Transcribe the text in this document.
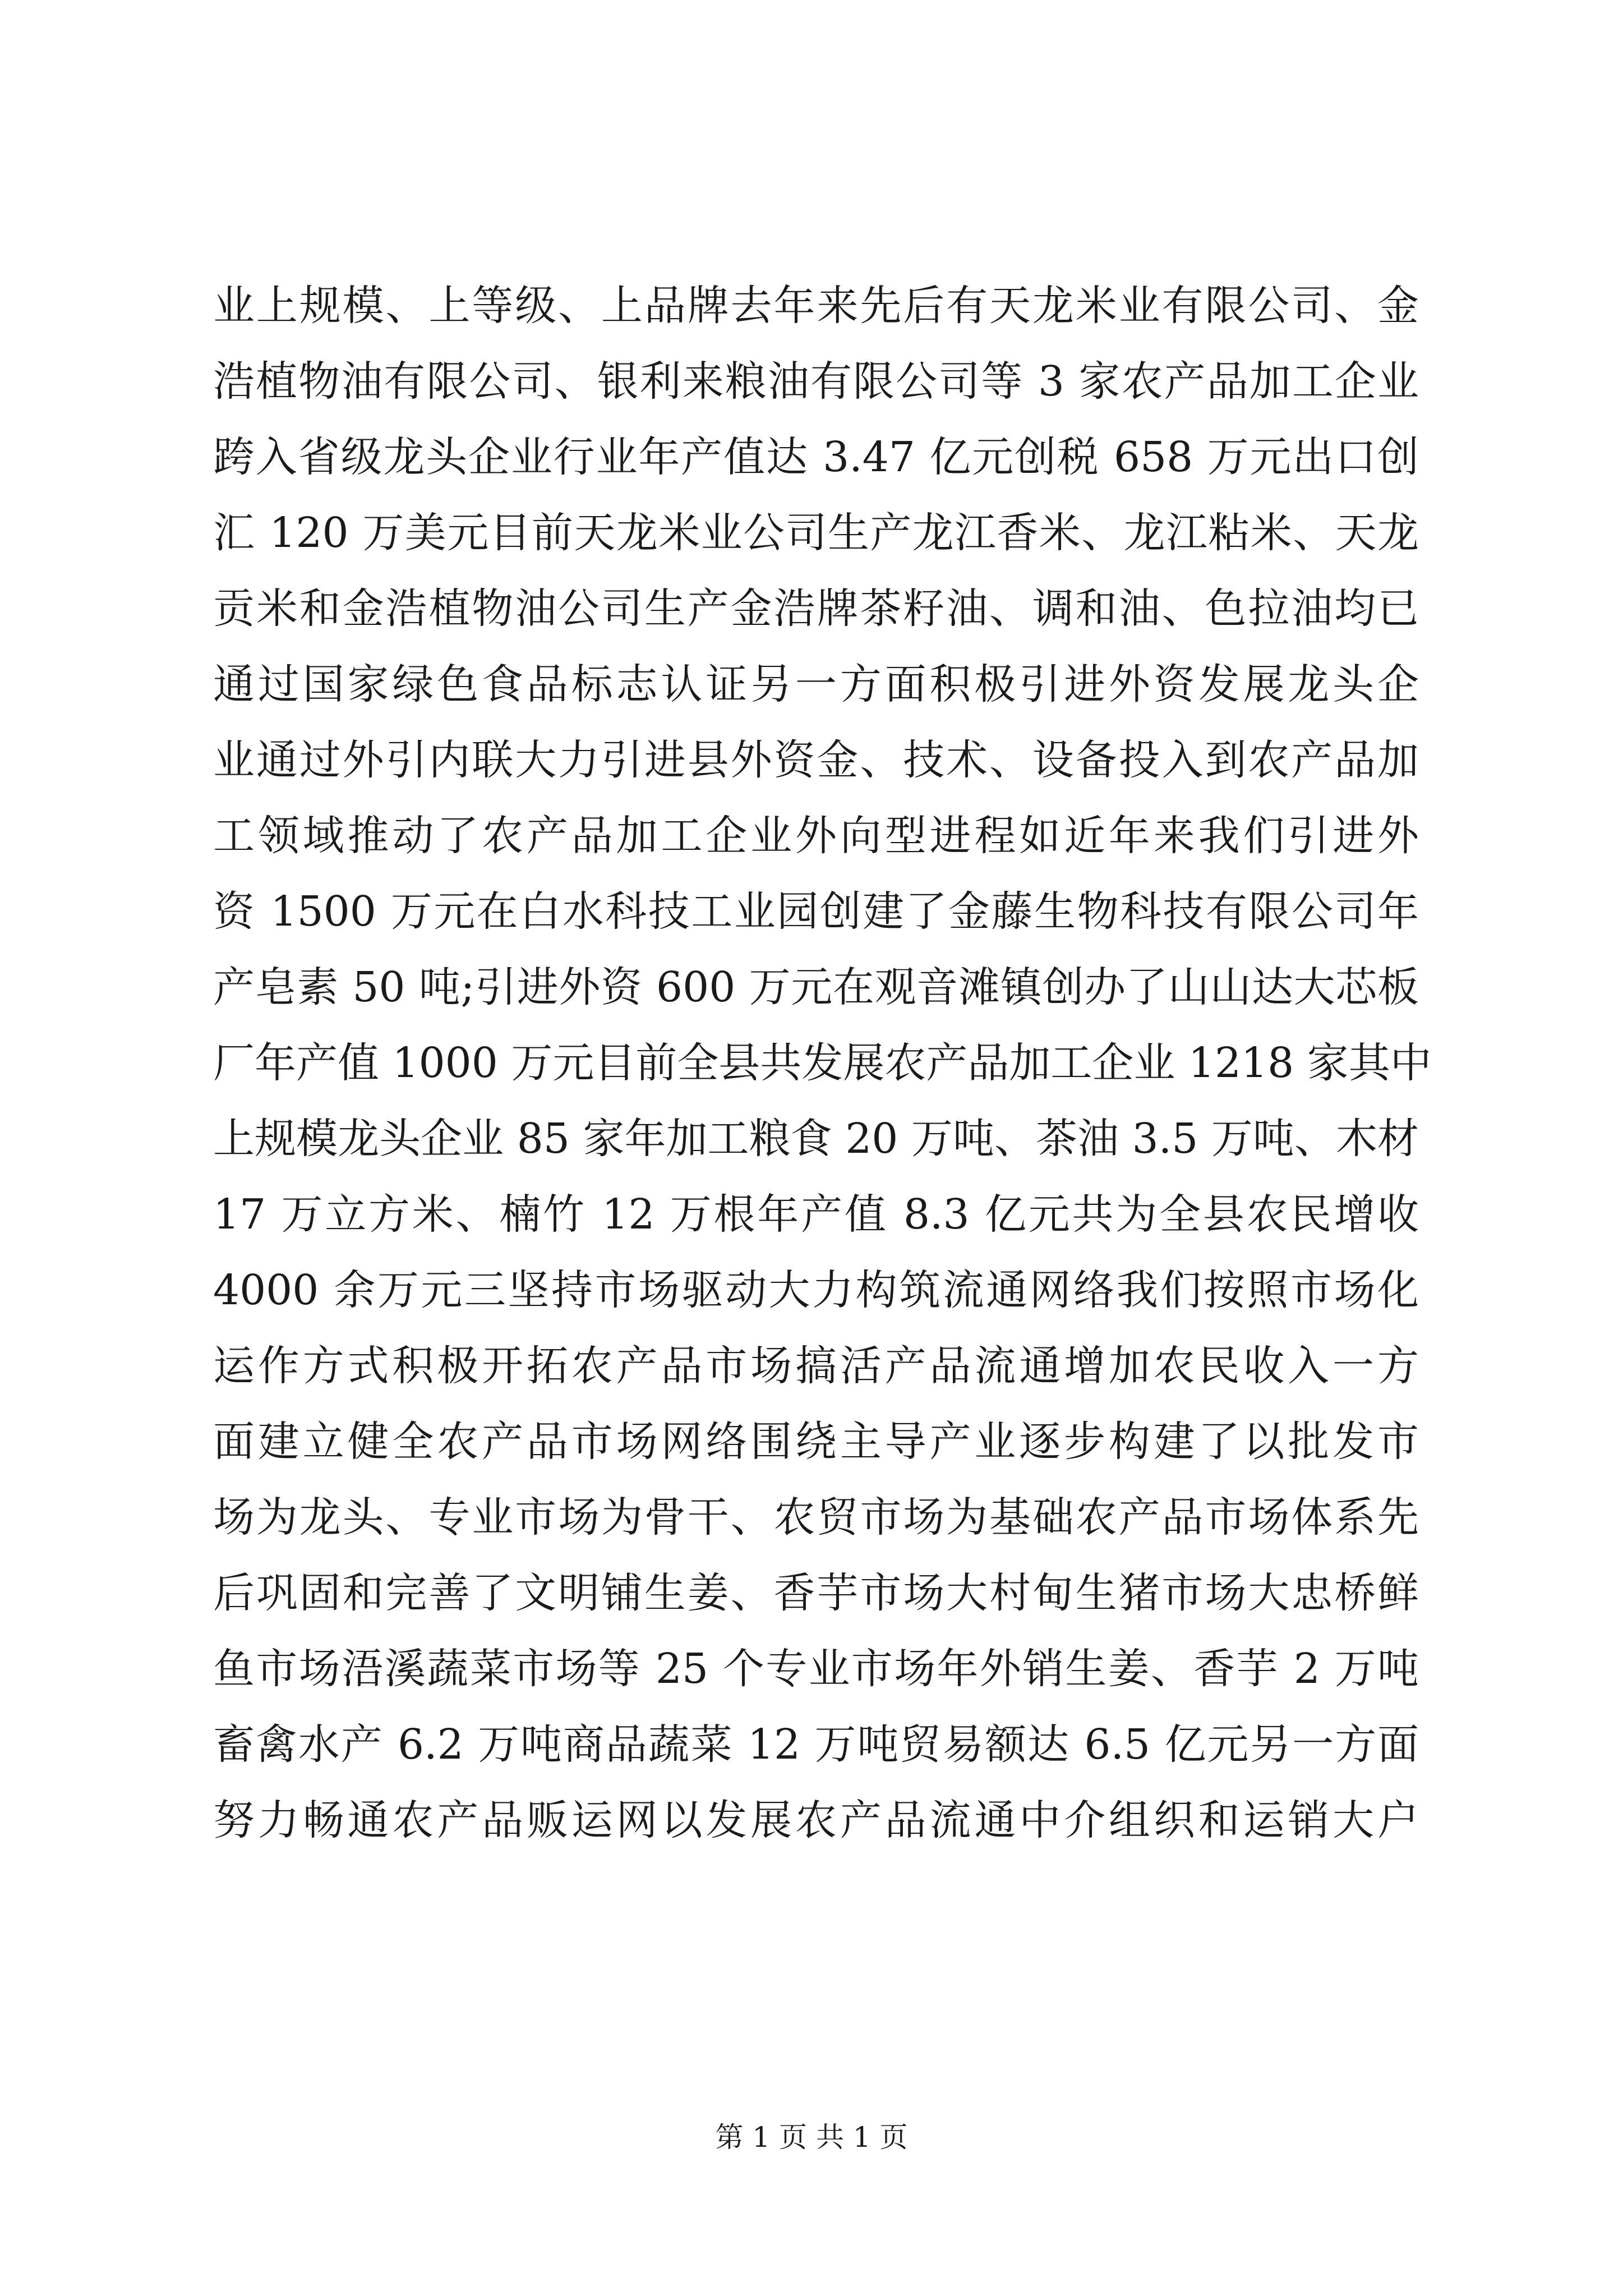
业上规模、上等级、上品牌去年来先后有天龙米业有限公司、金
浩植物油有限公司、银利来粮油有限公司等 3 家农产品加工企业
跨入省级龙头企业行业年产值达 3.47 亿元创税 658 万元出口创
汇 120 万美元目前天龙米业公司生产龙江香米、龙江粘米、天龙
贡米和金浩植物油公司生产金浩牌茶籽油、调和油、色拉油均已
通过国家绿色食品标志认证另一方面积极引进外资发展龙头企
业通过外引内联大力引进县外资金、技术、设备投入到农产品加
工领域推动了农产品加工企业外向型进程如近年来我们引进外
资 1500 万元在白水科技工业园创建了金藤生物科技有限公司年
产皂素 50 吨;引进外资 600 万元在观音滩镇创办了山山达大芯板
厂年产值 1000 万元目前全县共发展农产品加工企业 1218 家其中
上规模龙头企业 85 家年加工粮食 20 万吨、茶油 3.5 万吨、木材
17 万立方米、楠竹 12 万根年产值 8.3 亿元共为全县农民增收
4000 余万元三坚持市场驱动大力构筑流通网络我们按照市场化
运作方式积极开拓农产品市场搞活产品流通增加农民收入一方
面建立健全农产品市场网络围绕主导产业逐步构建了以批发市
场为龙头、专业市场为骨干、农贸市场为基础农产品市场体系先
后巩固和完善了文明铺生姜、香芋市场大村甸生猪市场大忠桥鲜
鱼市场浯溪蔬菜市场等 25 个专业市场年外销生姜、香芋 2 万吨
畜禽水产 6.2 万吨商品蔬菜 12 万吨贸易额达 6.5 亿元另一方面
努力畅通农产品贩运网以发展农产品流通中介组织和运销大户
第 1 页 共 1 页
